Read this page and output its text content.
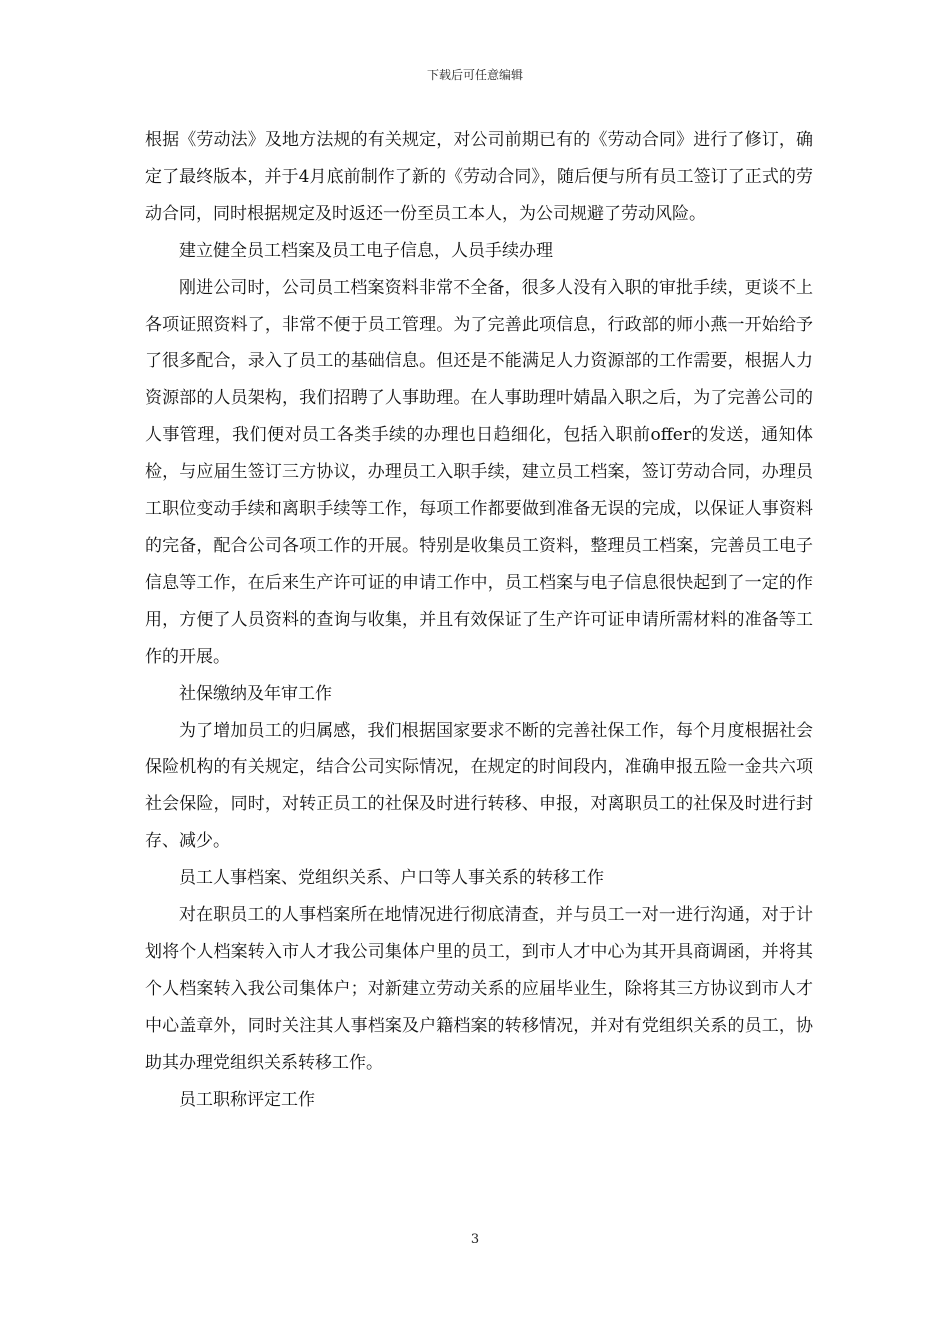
下载后可任意编辑

根据《劳动法》及地方法规的有关规定，对公司前期已有的《劳动合同》进行了修订，确定了最终版本，并于4月底前制作了新的《劳动合同》，随后便与所有员工签订了正式的劳动合同，同时根据规定及时返还一份至员工本人，为公司规避了劳动风险。

建立健全员工档案及员工电子信息，人员手续办理

刚进公司时，公司员工档案资料非常不全备，很多人没有入职的审批手续，更谈不上各项证照资料了，非常不便于员工管理。为了完善此项信息，行政部的师小燕一开始给予了很多配合，录入了员工的基础信息。但还是不能满足人力资源部的工作需要，根据人力资源部的人员架构，我们招聘了人事助理。在人事助理叶婧晶入职之后，为了完善公司的人事管理，我们便对员工各类手续的办理也日趋细化，包括入职前offer的发送，通知体检，与应届生签订三方协议，办理员工入职手续，建立员工档案，签订劳动合同，办理员工职位变动手续和离职手续等工作，每项工作都要做到准备无误的完成，以保证人事资料的完备，配合公司各项工作的开展。特别是收集员工资料，整理员工档案，完善员工电子信息等工作，在后来生产许可证的申请工作中，员工档案与电子信息很快起到了一定的作用，方便了人员资料的查询与收集，并且有效保证了生产许可证申请所需材料的准备等工作的开展。

社保缴纳及年审工作

为了增加员工的归属感，我们根据国家要求不断的完善社保工作，每个月度根据社会保险机构的有关规定，结合公司实际情况，在规定的时间段内，准确申报五险一金共六项社会保险，同时，对转正员工的社保及时进行转移、申报，对离职员工的社保及时进行封存、减少。

员工人事档案、党组织关系、户口等人事关系的转移工作

对在职员工的人事档案所在地情况进行彻底清查，并与员工一对一进行沟通，对于计划将个人档案转入市人才我公司集体户里的员工，到市人才中心为其开具商调函，并将其个人档案转入我公司集体户；对新建立劳动关系的应届毕业生，除将其三方协议到市人才中心盖章外，同时关注其人事档案及户籍档案的转移情况，并对有党组织关系的员工，协助其办理党组织关系转移工作。

员工职称评定工作

3
